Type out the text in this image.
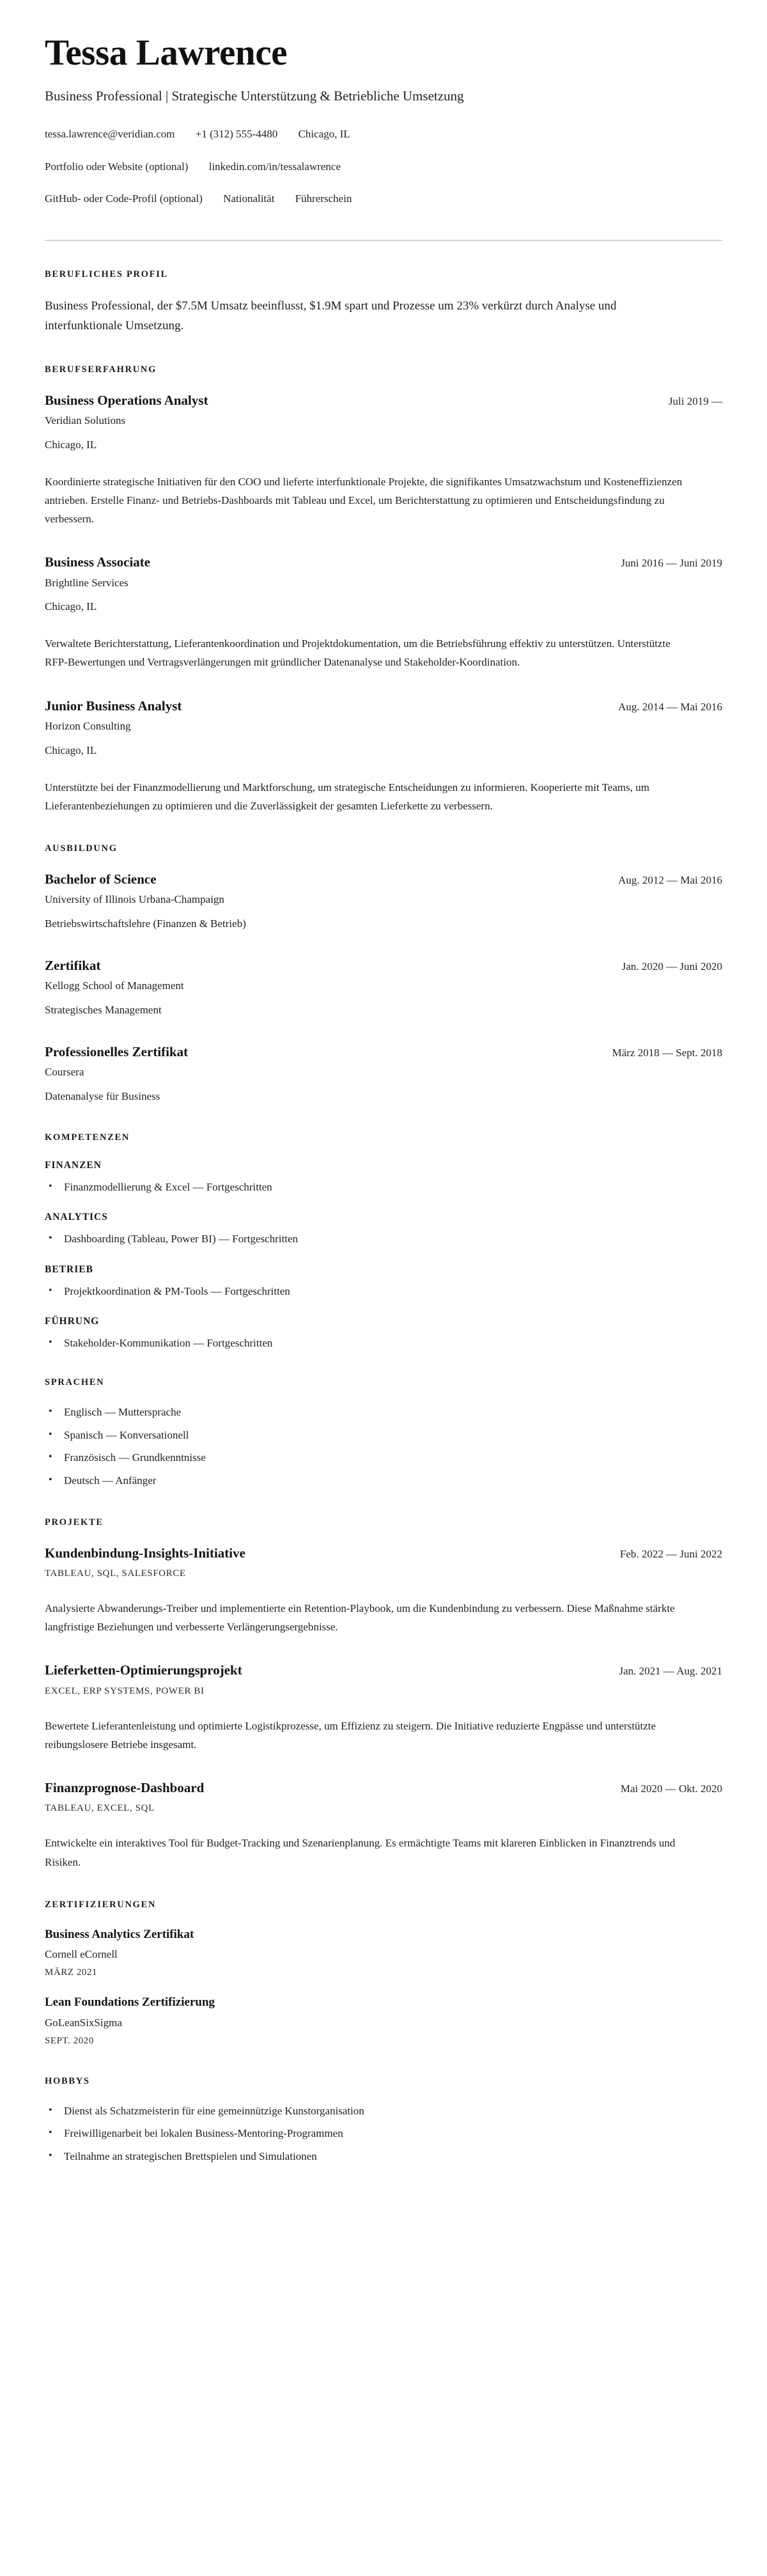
Tessa Lawrence
Business Professional | Strategische Unterstützung & Betriebliche Umsetzung
tessa.lawrence@veridian.com +1 (312) 555-4480 Chicago, IL
Portfolio oder Website (optional) linkedin.com/in/tessalawrence
GitHub- oder Code-Profil (optional) Nationalität Führerschein
BERUFLICHES PROFIL

Business Professional, der $7.5M Umsatz beeinflusst, $1.9M spart und Prozesse um 23% verkürzt durch Analyse und interfunktionale Umsetzung.

BERUFSERFAHRUNG
Business Operations Analyst	Juli 2019 —
Veridian Solutions
Chicago, IL
Koordinierte strategische Initiativen für den COO und lieferte interfunktionale Projekte, die signifikantes Umsatzwachstum und Kosteneffizienzen antrieben. Erstelle Finanz- und Betriebs-Dashboards mit Tableau und Excel, um Berichterstattung zu optimieren und Entscheidungsfindung zu verbessern.
Business Associate	Juni 2016 — Juni 2019
Brightline Services
Chicago, IL
Verwaltete Berichterstattung, Lieferantenkoordination und Projektdokumentation, um die Betriebsführung effektiv zu unterstützen. Unterstützte RFP-Bewertungen und Vertragsverlängerungen mit gründlicher Datenanalyse und Stakeholder-Koordination.
Junior Business Analyst	Aug. 2014 — Mai 2016
Horizon Consulting
Chicago, IL
Unterstützte bei der Finanzmodellierung und Marktforschung, um strategische Entscheidungen zu informieren. Kooperierte mit Teams, um Lieferantenbeziehungen zu optimieren und die Zuverlässigkeit der gesamten Lieferkette zu verbessern.
AUSBILDUNG
Bachelor of Science	Aug. 2012 — Mai 2016
University of Illinois Urbana-Champaign
Betriebswirtschaftslehre (Finanzen & Betrieb)
Zertifikat	Jan. 2020 — Juni 2020
Kellogg School of Management
Strategisches Management
Professionelles Zertifikat	März 2018 — Sept. 2018
Coursera
Datenanalyse für Business
KOMPETENZEN
FINANZEN
• Finanzmodellierung & Excel — Fortgeschritten
ANALYTICS
• Dashboarding (Tableau, Power BI) — Fortgeschritten
BETRIEB
• Projektkoordination & PM-Tools — Fortgeschritten
FÜHRUNG
• Stakeholder-Kommunikation — Fortgeschritten
SPRACHEN
• Englisch — Muttersprache
• Spanisch — Konversationell
• Französisch — Grundkenntnisse
• Deutsch — Anfänger
PROJEKTE
Kundenbindung-Insights-Initiative	Feb. 2022 — Juni 2022
TABLEAU, SQL, SALESFORCE
Analysierte Abwanderungs-Treiber und implementierte ein Retention-Playbook, um die Kundenbindung zu verbessern. Diese Maßnahme stärkte langfristige Beziehungen und verbesserte Verlängerungsergebnisse.
Lieferketten-Optimierungsprojekt	Jan. 2021 — Aug. 2021
EXCEL, ERP SYSTEMS, POWER BI
Bewertete Lieferantenleistung und optimierte Logistikprozesse, um Effizienz zu steigern. Die Initiative reduzierte Engpässe und unterstützte reibungslosere Betriebe insgesamt.
Finanzprognose-Dashboard	Mai 2020 — Okt. 2020
TABLEAU, EXCEL, SQL
Entwickelte ein interaktives Tool für Budget-Tracking und Szenarienplanung. Es ermächtigte Teams mit klareren Einblicken in Finanztrends und Risiken.
ZERTIFIZIERUNGEN
Business Analytics Zertifikat
Cornell eCornell
MÄRZ 2021
Lean Foundations Zertifizierung
GoLeanSixSigma
SEPT. 2020
HOBBYS
• Dienst als Schatzmeisterin für eine gemeinnützige Kunstorganisation
• Freiwilligenarbeit bei lokalen Business-Mentoring-Programmen
• Teilnahme an strategischen Brettspielen und Simulationen
